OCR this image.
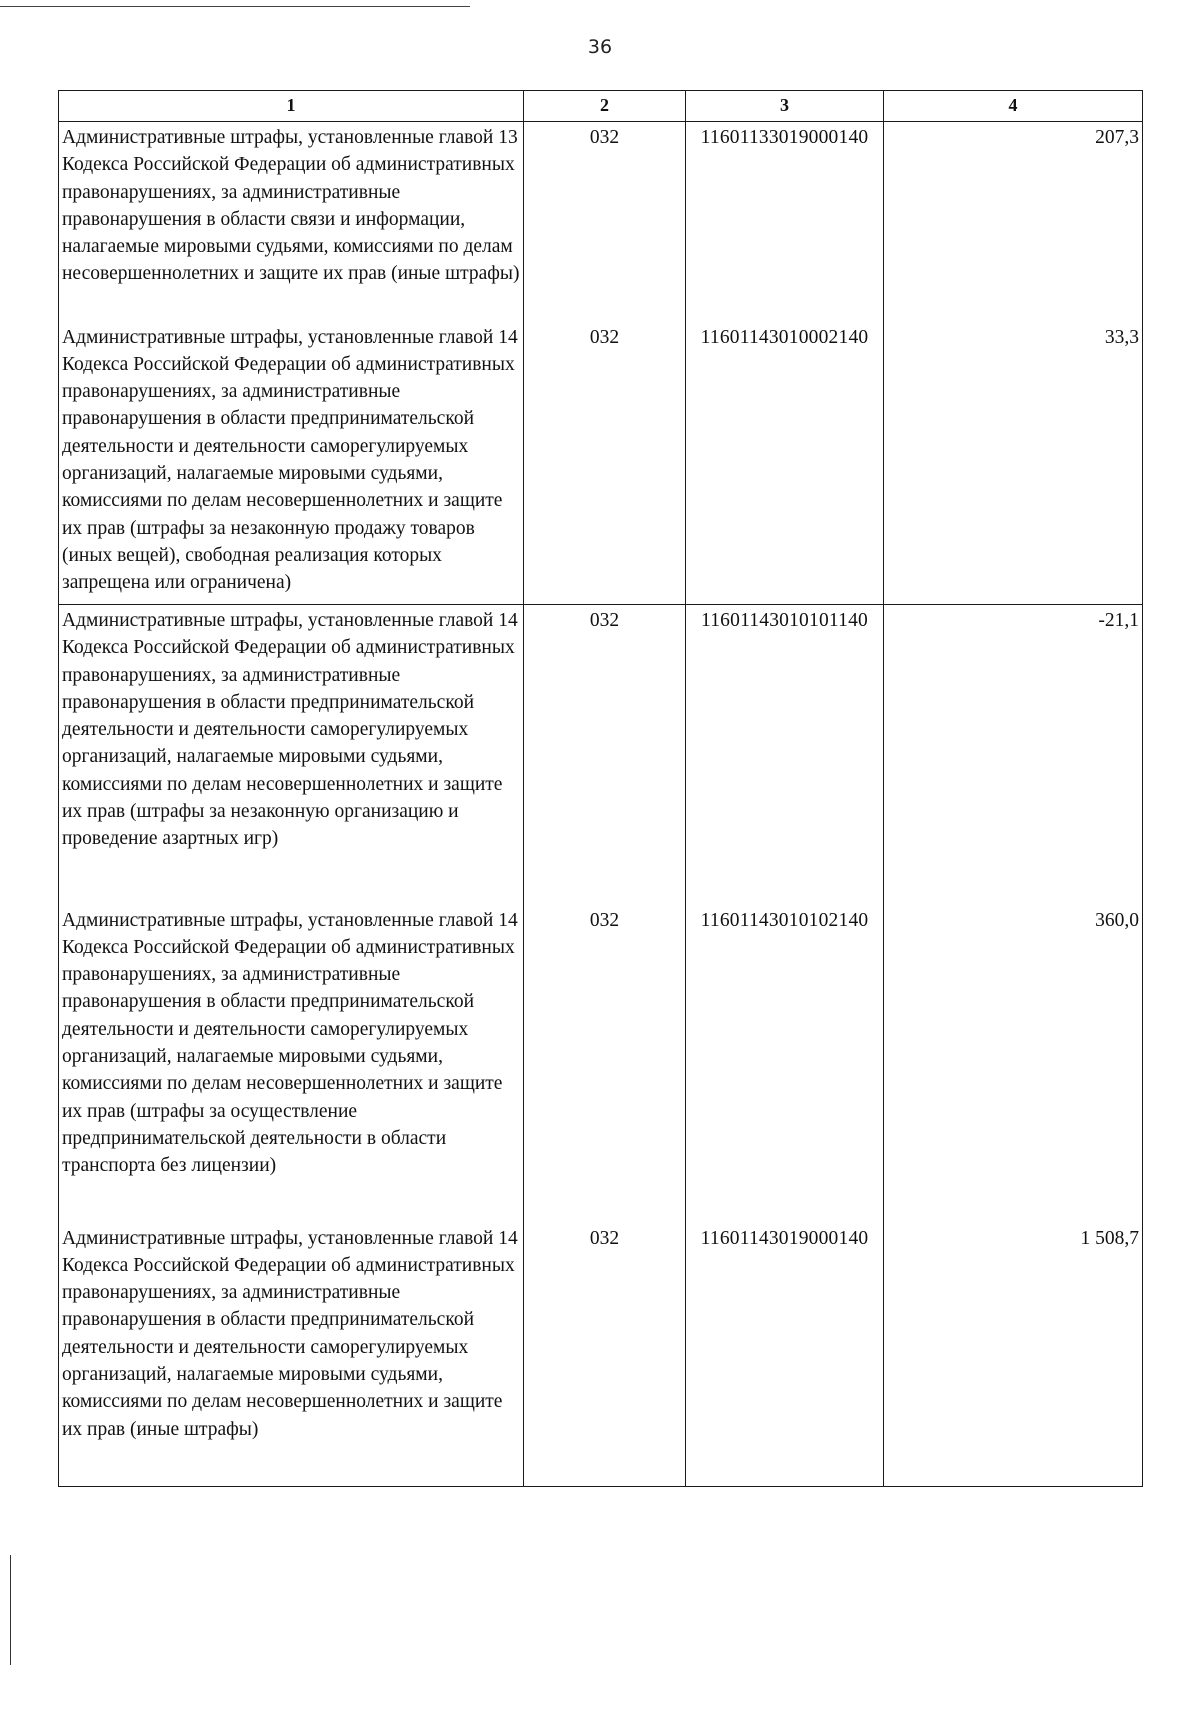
36
1	2	3	4
Административные штрафы, установленные главой 13 Кодекса Российской Федерации об административных правонарушениях, за административные правонарушения в области связи и информации, налагаемые мировыми судьями, комиссиями по делам несовершеннолетних и защите их прав (иные штрафы)	032	11601133019000140	207,3
Административные штрафы, установленные главой 14 Кодекса Российской Федерации об административных правонарушениях, за административные правонарушения в области предпринимательской деятельности и деятельности саморегулируемых организаций, налагаемые мировыми судьями, комиссиями по делам несовершеннолетних и защите их прав (штрафы за незаконную продажу товаров (иных вещей), свободная реализация которых запрещена или ограничена)	032	11601143010002140	33,3
Административные штрафы, установленные главой 14 Кодекса Российской Федерации об административных правонарушениях, за административные правонарушения в области предпринимательской деятельности и деятельности саморегулируемых организаций, налагаемые мировыми судьями, комиссиями по делам несовершеннолетних и защите их прав (штрафы за незаконную организацию и проведение азартных игр)	032	11601143010101140	-21,1
Административные штрафы, установленные главой 14 Кодекса Российской Федерации об административных правонарушениях, за административные правонарушения в области предпринимательской деятельности и деятельности саморегулируемых организаций, налагаемые мировыми судьями, комиссиями по делам несовершеннолетних и защите их прав (штрафы за осуществление предпринимательской деятельности в области транспорта без лицензии)	032	11601143010102140	360,0
Административные штрафы, установленные главой 14 Кодекса Российской Федерации об административных правонарушениях, за административные правонарушения в области предпринимательской деятельности и деятельности саморегулируемых организаций, налагаемые мировыми судьями, комиссиями по делам несовершеннолетних и защите их прав (иные штрафы)	032	11601143019000140	1 508,7
